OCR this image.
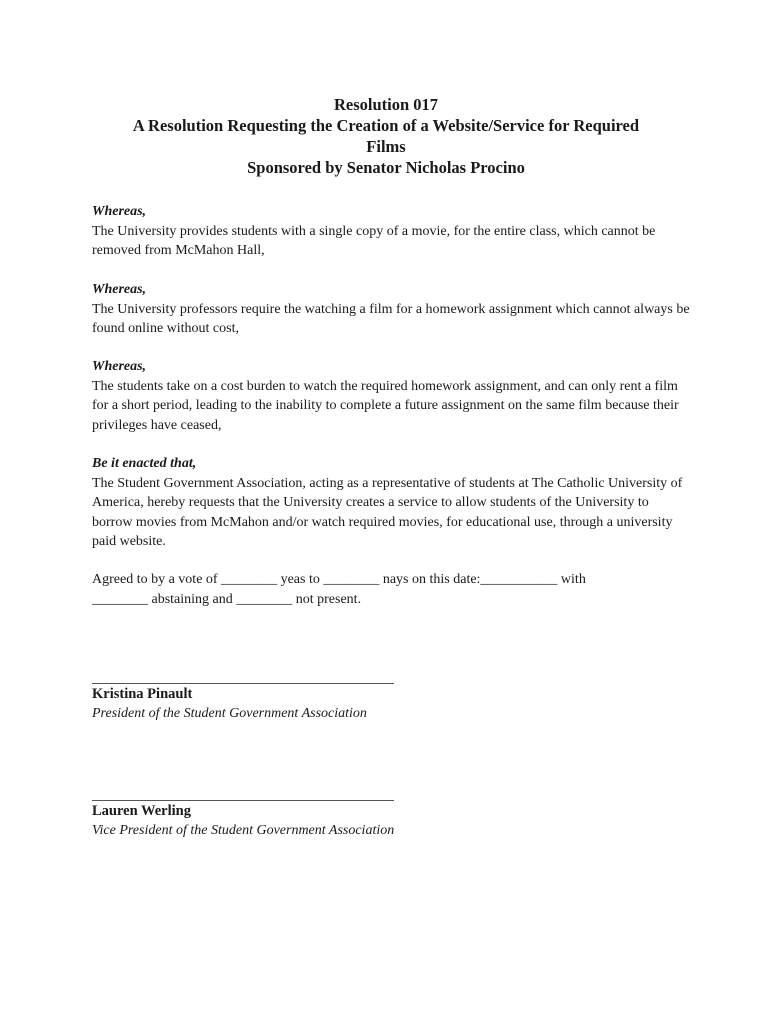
Resolution 017
A Resolution Requesting the Creation of a Website/Service for Required
Films
Sponsored by Senator Nicholas Procino
Whereas,
The University provides students with a single copy of a movie, for the entire class, which cannot be removed from McMahon Hall,
Whereas,
The University professors require the watching a film for a homework assignment which cannot always be found online without cost,
Whereas,
The students take on a cost burden to watch the required homework assignment, and can only rent a film for a short period, leading to the inability to complete a future assignment on the same film because their privileges have ceased,
Be it enacted that,
The Student Government Association, acting as a representative of students at The Catholic University of America, hereby requests that the University creates a service to allow students of the University to borrow movies from McMahon and/or watch required movies, for educational use, through a university paid website.
Agreed to by a vote of ________ yeas to ________ nays on this date:___________ with
________ abstaining and ________ not present.
Kristina Pinault
President of the Student Government Association
Lauren Werling
Vice President of the Student Government Association
